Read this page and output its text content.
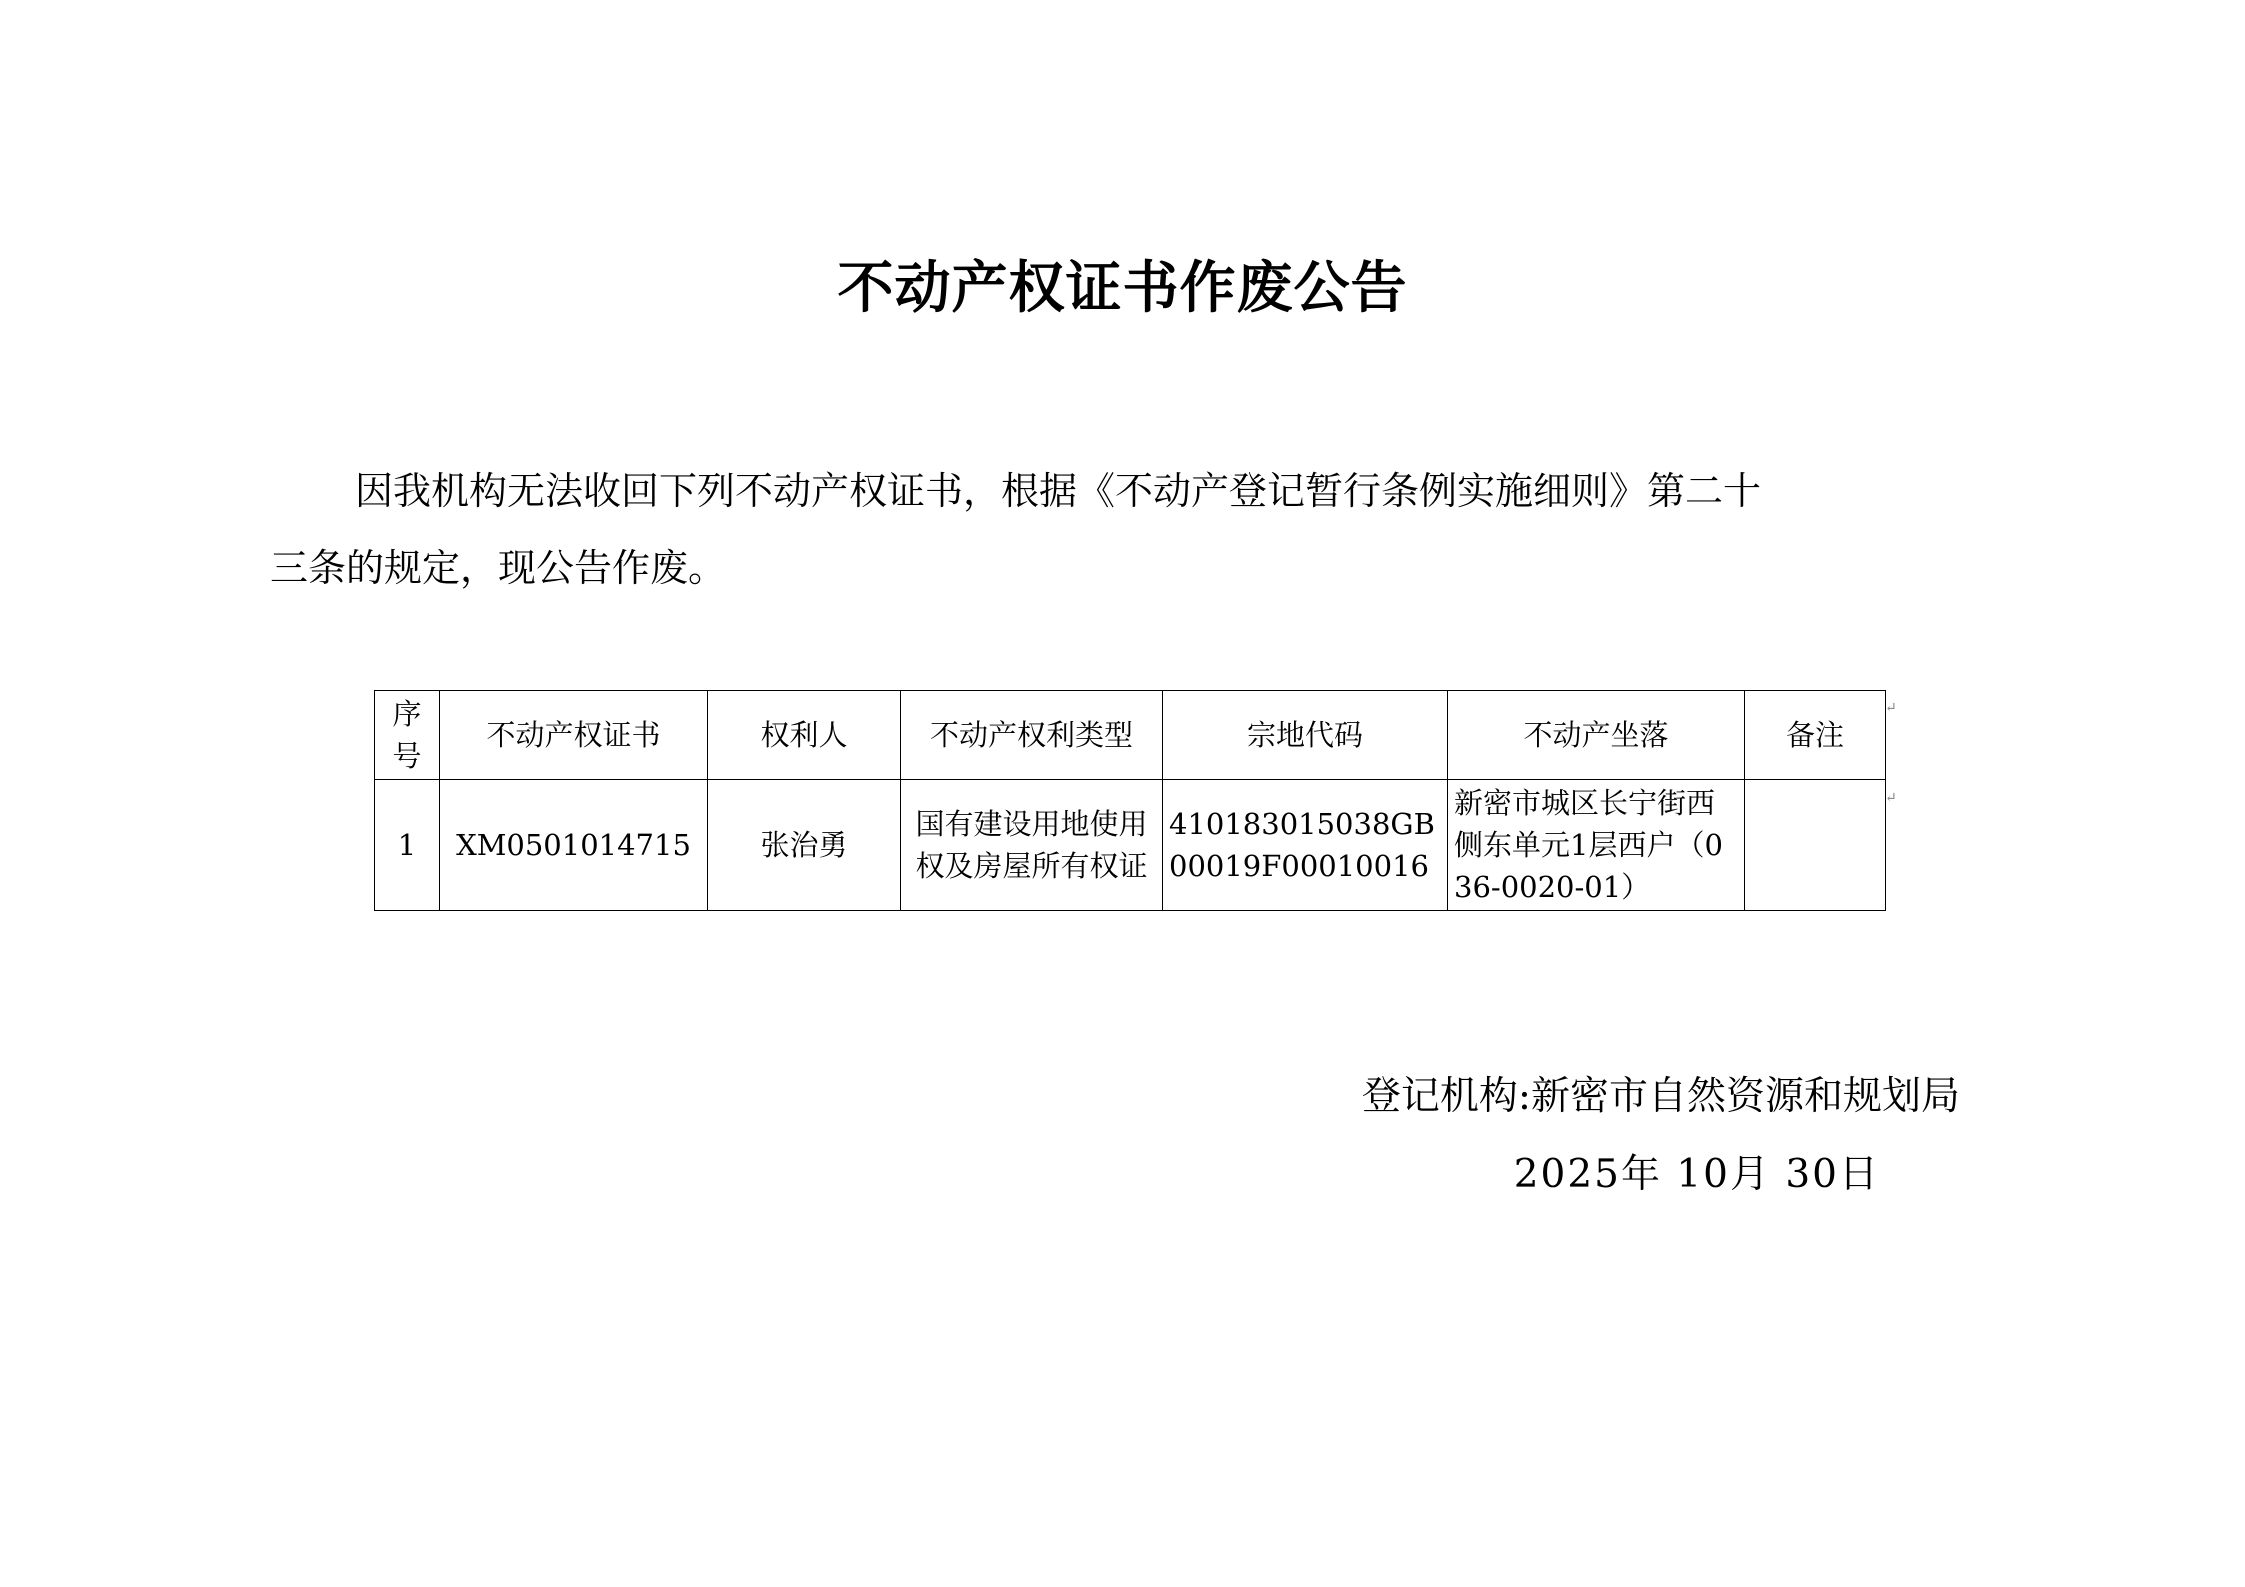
不动产权证书作废公告
因我机构无法收回下列不动产权证书，根据《不动产登记暂行条例实施细则》第二十
三条的规定，现公告作废。
序号	不动产权证书	权利人	不动产权利类型	宗地代码	不动产坐落	备注
1	XM0501014715	张治勇	国有建设用地使用权及房屋所有权证	410183015038GB00019F00010016	新密市城区长宁街西侧东单元1层西户（036-0020-01）	
↵
↵
登记机构:新密市自然资源和规划局
2025年 10月 30日
